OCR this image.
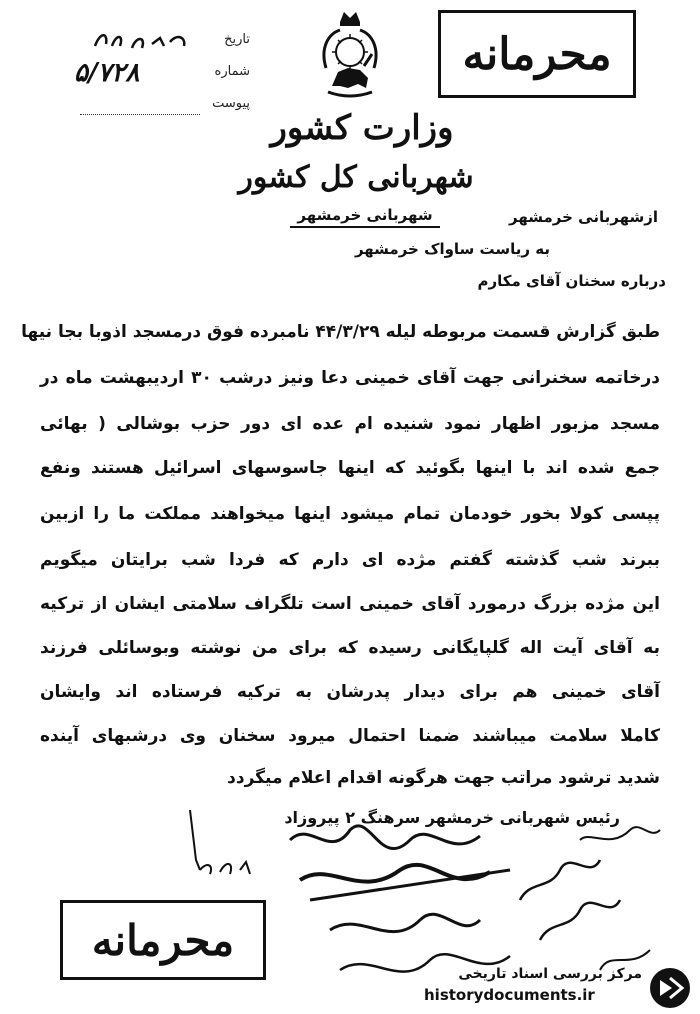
تاریخ
شماره
۵/۷۲۸
پیوست
محرمانه
وزارت کشور
شهربانی کل کشور
شهربانی خرمشهر	ازشهربانی خرمشهر
به ریاست ساواک خرمشهر
درباره سخنان آقای مکارم
طبق گزارش قسمت مربوطه لیله ۴۴/۳/۲۹ نامبرده فوق درمسجد اذوبا بجا نیها
درخاتمه سخنرانی جهت آقای خمینی دعا ونیز درشب ۳۰ اردیبهشت ماه در
مسجد مزبور اظهار نمود شنیده ام عده ای دور حزب بوشالی ( بهائی
جمع شده اند با اینها بگوئید که اینها جاسوسهای اسرائیل هستند ونفع
پپسی کولا بخور خودمان تمام میشود اینها میخواهند مملکت ما را ازبین
ببرند شب گذشته گفتم مژده ای دارم که فردا شب برایتان میگویم
این مژده بزرگ درمورد آقای خمینی است تلگراف سلامتی ایشان از ترکیه
به آقای آیت اله گلپایگانی رسیده که برای من نوشته وبوسائلی فرزند
آقای خمینی هم برای دیدار پدرشان به ترکیه فرستاده اند وایشان
کاملا سلامت میباشند ضمنا احتمال میرود سخنان وی درشبهای آینده
شدید ترشود مراتب جهت هرگونه اقدام اعلام میگردد
رئیس شهربانی خرمشهر سرهنگ ۲ پیروزاد
محرمانه
مرکز بررسی اسناد تاریخی
historydocuments.ir
